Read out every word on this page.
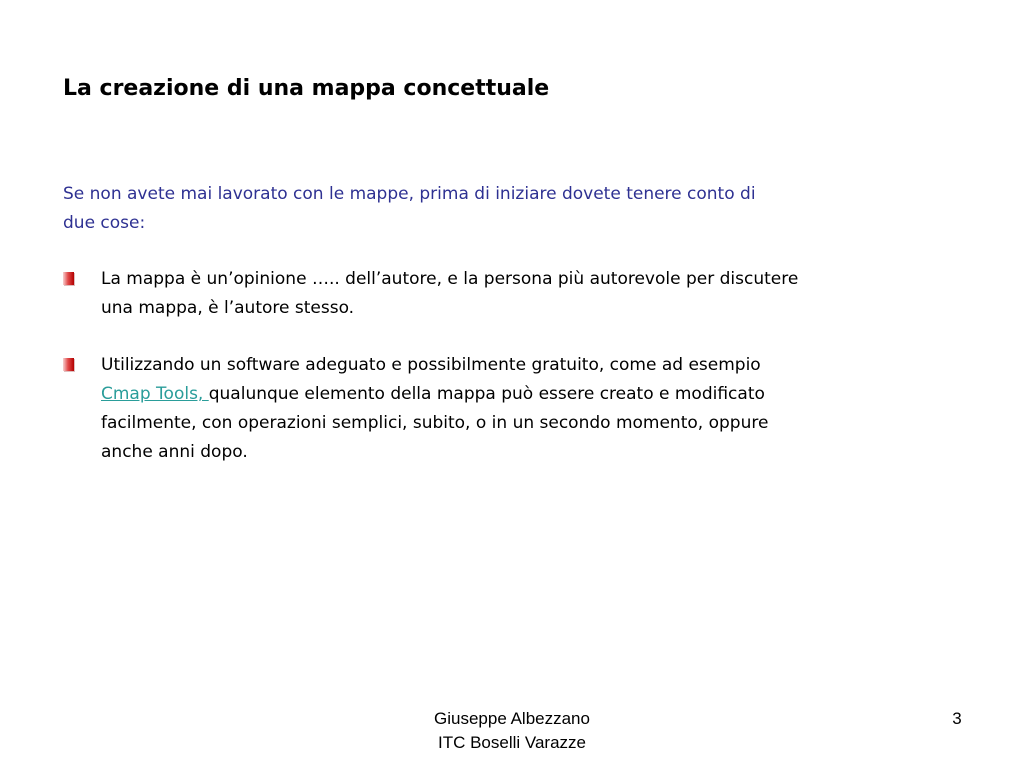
La creazione di una mappa concettuale
Se non avete mai lavorato con le mappe, prima di iniziare dovete tenere conto di
due cose:
La mappa è un’opinione ….. dell’autore, e la persona più autorevole per discutere
una mappa, è l’autore stesso.
Utilizzando un software adeguato e possibilmente gratuito, come ad esempio
Cmap Tools, qualunque elemento della mappa può essere creato e modificato
facilmente, con operazioni semplici, subito, o in un secondo momento, oppure
anche anni dopo.
Giuseppe Albezzano
ITC Boselli Varazze
3
